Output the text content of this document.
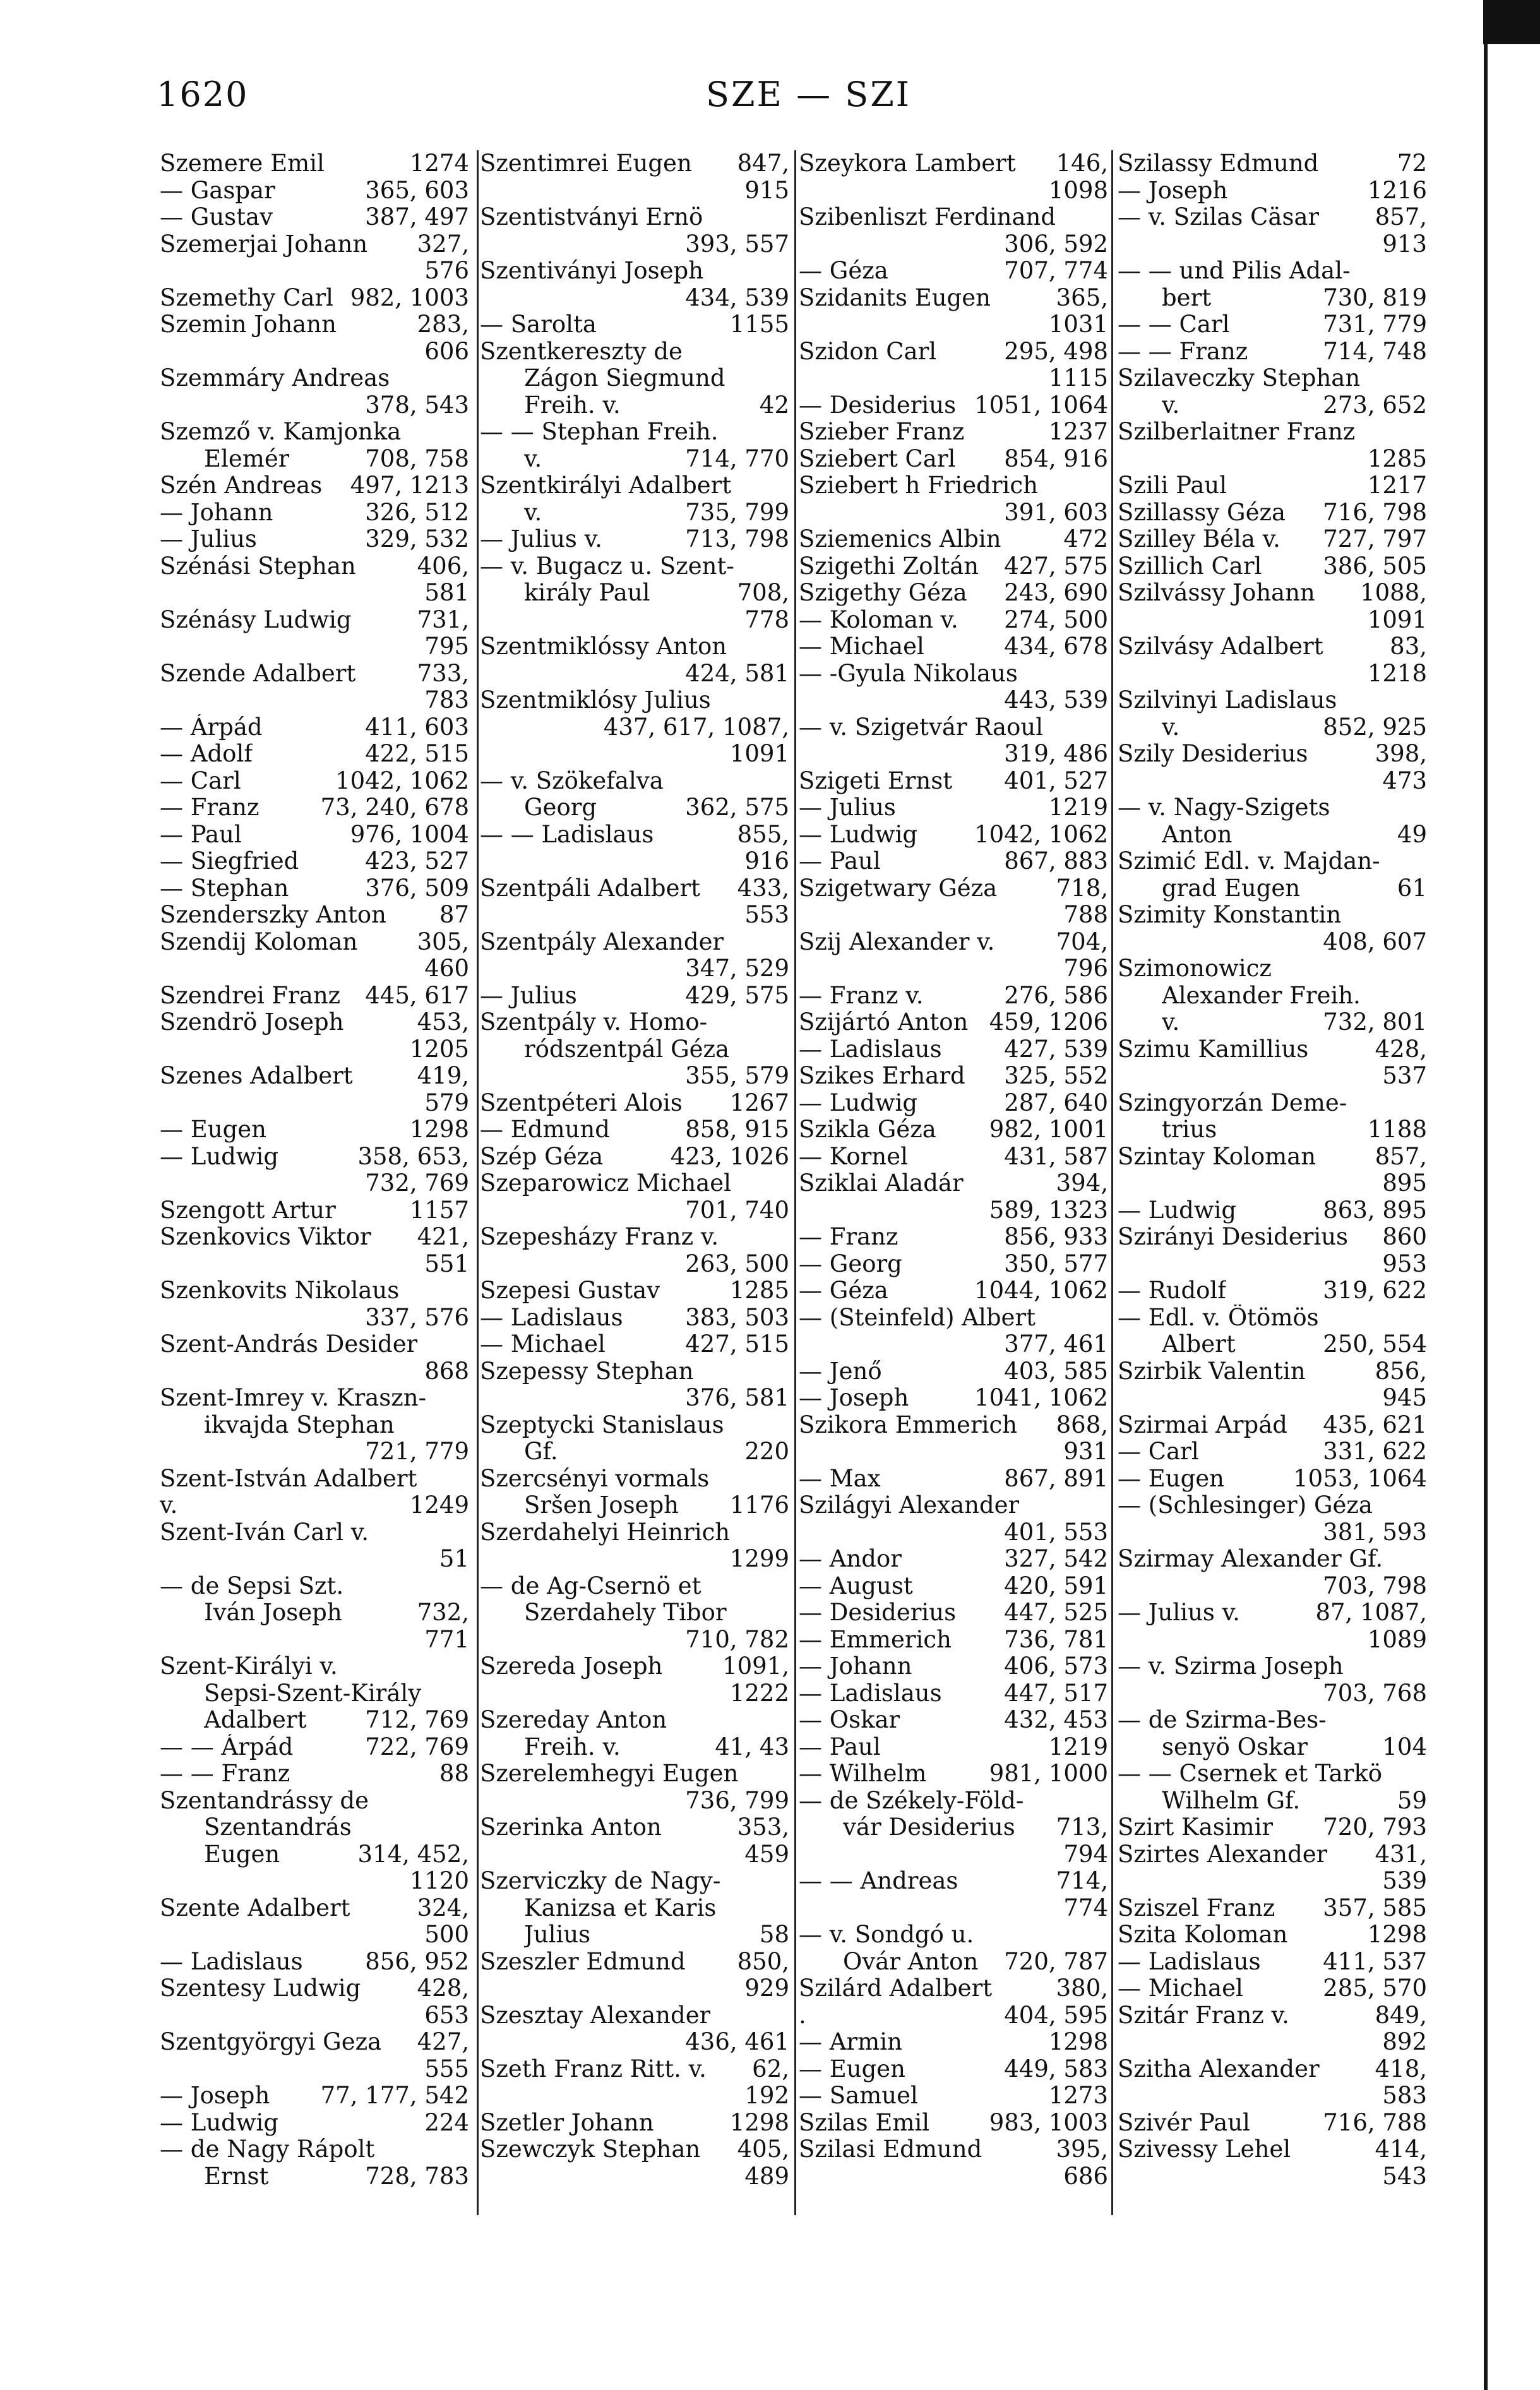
1620	SZE — SZI
Szemere Emil	1274
— Gaspar	365, 603
— Gustav	387, 497
Szemerjai Johann 327,
576
Szemethy Carl 982, 1003
Szemin Johann	283,
606
Szemmáry Andreas
378, 543
Szemző v. Kamjonka
Elemér	708, 758
Szén Andreas 497, 1213
— Johann	326, 512
— Julius	329, 532
Szénási Stephan	406,
581
Szénásy Ludwig	731,
795
Szende Adalbert	733,
783
— Árpád	411, 603
— Adolf	422, 515
— Carl	1042, 1062
— Franz	73, 240, 678
— Paul	976, 1004
— Siegfried	423, 527
— Stephan	376, 509
Szenderszky Anton 87
Szendij Koloman	305,
460
Szendrei Franz 445, 617
Szendrö Joseph	453,
1205
Szenes Adalbert	419,
579
— Eugen	1298
— Ludwig	358, 653,
732, 769
Szengott Artur	1157
Szenkovics Viktor 421,
551
Szenkovits Nikolaus
337, 576
Szent-András Desider
868
Szent-Imrey v. Kraszn-
ikvajda Stephan
721, 779
Szent-István Adalbert
v.	1249
Szent-Iván Carl v.
51
— de Sepsi Szt.
Iván Joseph	732,
771
Szent-Királyi v.
Sepsi-Szent-Király
Adalbert	712, 769
— — Árpád	722, 769
— — Franz	88
Szentandrássy de
Szentandrás
Eugen	314, 452,
1120
Szente Adalbert	324,
500
— Ladislaus	856, 952
Szentesy Ludwig 428,
653
Szentgyörgyi Geza 427,
555
— Joseph 77, 177, 542
— Ludwig	224
— de Nagy Rápolt
Ernst	728, 783
Szentimrei Eugen 847,
915
Szentistványi Ernö
393, 557
Szentiványi Joseph
434, 539
— Sarolta	1155
Szentkereszty de
Zágon Siegmund
Freih. v.	42
— — Stephan Freih.
v.	714, 770
Szentkirályi Adalbert
v.	735, 799
— Julius v.	713, 798
— v. Bugacz u. Szent-
király Paul	708,
778
Szentmiklóssy Anton
424, 581
Szentmiklósy Julius
437, 617, 1087,
1091
— v. Szökefalva
Georg	362, 575
— — Ladislaus	855,
916
Szentpáli Adalbert 433,
553
Szentpály Alexander
347, 529
— Julius	429, 575
Szentpály v. Homo-
ródszentpál Géza
355, 579
Szentpéteri Alois 1267
— Edmund	858, 915
Szép Géza	423, 1026
Szeparowicz Michael
701, 740
Szepesházy Franz v.
263, 500
Szepesi Gustav	1285
— Ladislaus	383, 503
— Michael	427, 515
Szepessy Stephan
376, 581
Szeptycki Stanislaus
Gf.	220
Szercsényi vormals
Sršen Joseph 1176
Szerdahelyi Heinrich
1299
— de Ag-Csernö et
Szerdahely Tibor
710, 782
Szereda Joseph	1091,
1222
Szereday Anton
Freih. v.	41, 43
Szerelemhegyi Eugen
736, 799
Szerinka Anton	353,
459
Szerviczky de Nagy-
Kanizsa et Karis
Julius	58
Szeszler Edmund 850,
929
Szesztay Alexander
436, 461
Szeth Franz Ritt. v. 62,
192
Szetler Johann	1298
Szewczyk Stephan 405,
489
Szeykora Lambert 146,
1098
Szibenliszt Ferdinand
306, 592
— Géza	707, 774
Szidanits Eugen	365,
1031
Szidon Carl	295, 498
1115
— Desiderius 1051, 1064
Szieber Franz	1237
Sziebert Carl 854, 916
Sziebert h Friedrich
391, 603
Sziemenics Albin	472
Szigethi Zoltán 427, 575
Szigethy Géza 243, 690
— Koloman v. 274, 500
— Michael	434, 678
— -Gyula Nikolaus
443, 539
— v. Szigetvár Raoul
319, 486
Szigeti Ernst 401, 527
— Julius	1219
— Ludwig 1042, 1062
— Paul	867, 883
Szigetwary Géza	718,
788
Szij Alexander v.	704,
796
— Franz v.	276, 586
Szijártó Anton 459, 1206
— Ladislaus	427, 539
Szikes Erhard 325, 552
— Ludwig	287, 640
Szikla Géza 982, 1001
— Kornel	431, 587
Sziklai Aladár	394,
589, 1323
— Franz	856, 933
— Georg	350, 577
— Géza	1044, 1062
— (Steinfeld) Albert
377, 461
— Jenő	403, 585
— Joseph	1041, 1062
Szikora Emmerich 868,
931
— Max	867, 891
Szilágyi Alexander
401, 553
— Andor	327, 542
— August	420, 591
— Desiderius 447, 525
— Emmerich 736, 781
— Johann	406, 573
— Ladislaus	447, 517
— Oskar	432, 453
— Paul	1219
— Wilhelm	981, 1000
— de Székely-Föld-
vár Desiderius 713,
794
— — Andreas	714,
774
— v. Sondgó u.
Ovár Anton 720, 787
Szilárd Adalbert	380,
.	404, 595
— Armin	1298
— Eugen	449, 583
— Samuel	1273
Szilas Emil	983, 1003
Szilasi Edmund	395,
686
Szilassy Edmund	72
— Joseph	1216
— v. Szilas Cäsar 857,
913
— — und Pilis Adal-
bert	730, 819
— — Carl	731, 779
— — Franz	714, 748
Szilaveczky Stephan
v.	273, 652
Szilberlaitner Franz
1285
Szili Paul	1217
Szillassy Géza 716, 798
Szilley Béla v. 727, 797
Szillich Carl	386, 505
Szilvássy Johann 1088,
1091
Szilvásy Adalbert	83,
1218
Szilvinyi Ladislaus
v.	852, 925
Szily Desiderius	398,
473
— v. Nagy-Szigets
Anton	49
Szimić Edl. v. Majdan-
grad Eugen	61
Szimity Konstantin
408, 607
Szimonowicz
Alexander Freih.
v.	732, 801
Szimu Kamillius	428,
537
Szingyorzán Deme-
trius	1188
Szintay Koloman	857,
895
— Ludwig	863, 895
Szirányi Desiderius 860
953
— Rudolf	319, 622
— Edl. v. Ötömös
Albert	250, 554
Szirbik Valentin	856,
945
Szirmai Arpád 435, 621
— Carl	331, 622
— Eugen	1053, 1064
— (Schlesinger) Géza
381, 593
Szirmay Alexander Gf.
703, 798
— Julius v.	87, 1087,
1089
— v. Szirma Joseph
703, 768
— de Szirma-Bes-
senyö Oskar	104
— — Csernek et Tarkö
Wilhelm Gf.	59
Szirt Kasimir 720, 793
Szirtes Alexander 431,
539
Sziszel Franz 357, 585
Szita Koloman	1298
— Ladislaus	411, 537
— Michael	285, 570
Szitár Franz v.	849,
892
Szitha Alexander 418,
583
Szivér Paul	716, 788
Szivessy Lehel	414,
543
